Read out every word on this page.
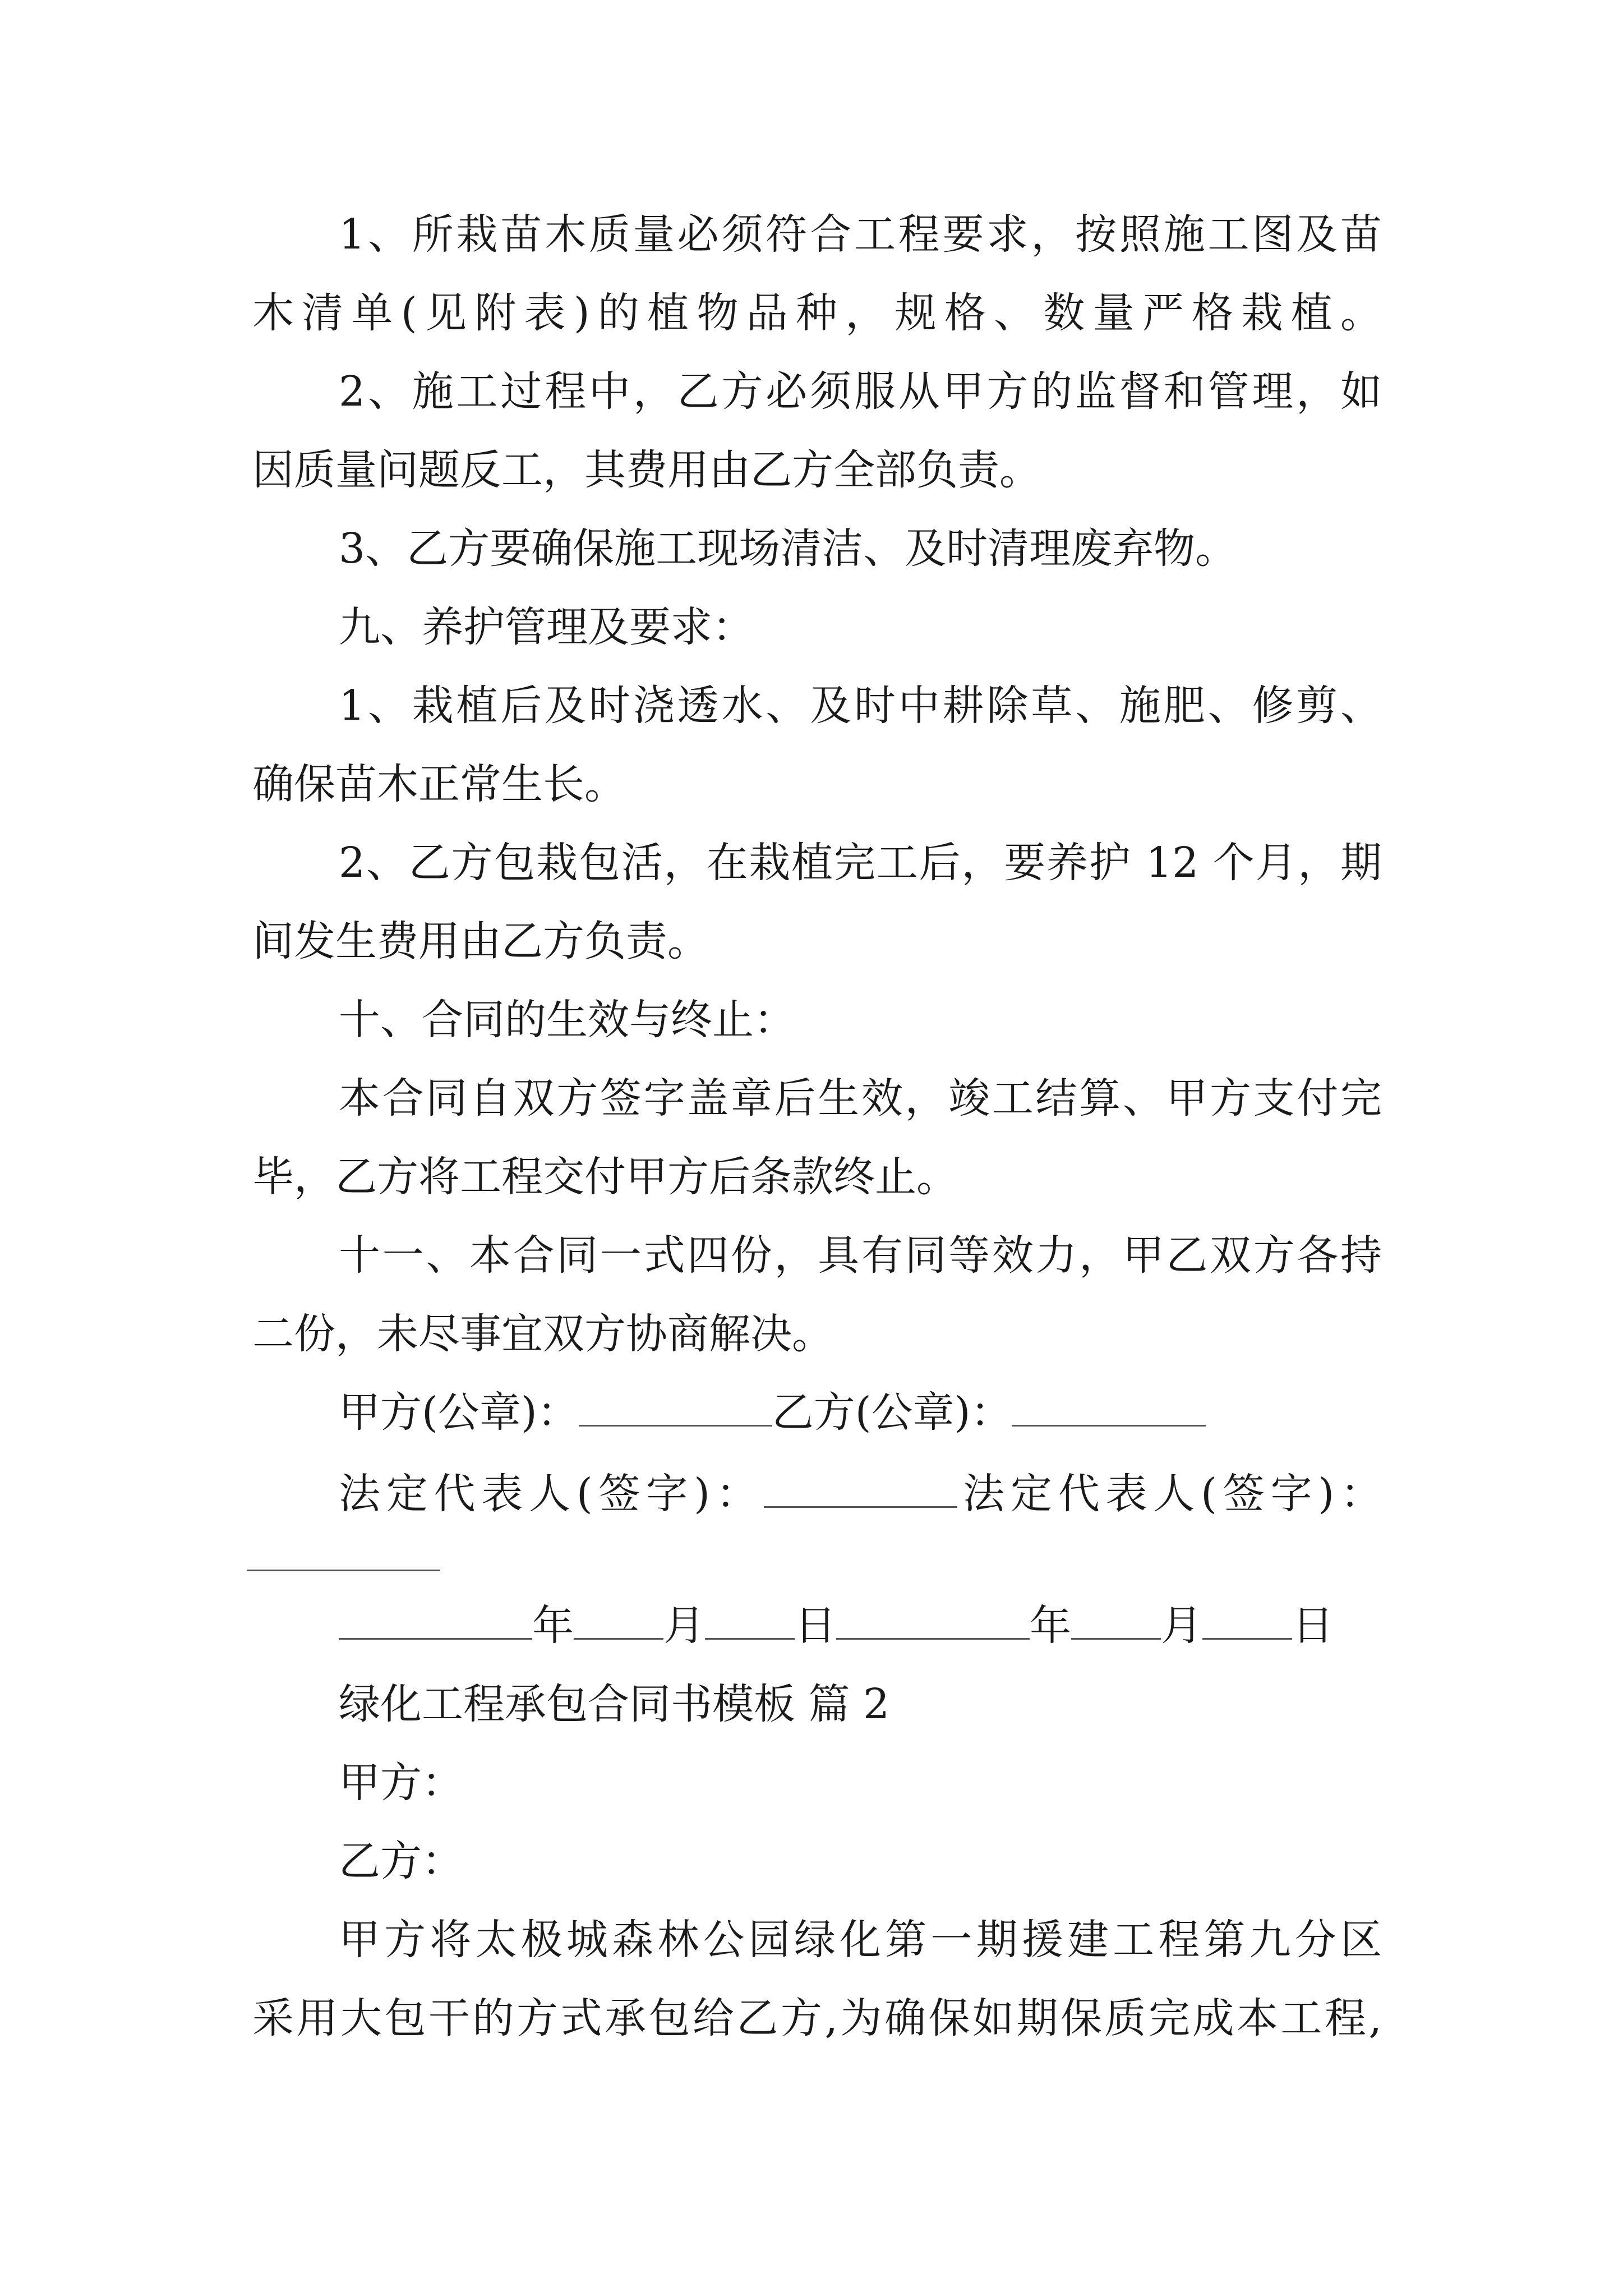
1、所栽苗木质量必须符合工程要求，按照施工图及苗
木清单(见附表)的植物品种，规格、数量严格栽植。
2、施工过程中，乙方必须服从甲方的监督和管理，如
因质量问题反工，其费用由乙方全部负责。
3、乙方要确保施工现场清洁、及时清理废弃物。
九、养护管理及要求：
1、栽植后及时浇透水、及时中耕除草、施肥、修剪、
确保苗木正常生长。
2、乙方包栽包活，在栽植完工后，要养护 12 个月，期
间发生费用由乙方负责。
十、合同的生效与终止：
本合同自双方签字盖章后生效，竣工结算、甲方支付完
毕，乙方将工程交付甲方后条款终止。
十一、本合同一式四份，具有同等效力，甲乙双方各持
二份，未尽事宜双方协商解决。
甲方(公章)：	乙方(公章)：
法定代表人(签字)：	法定代表人(签字)：
年 月 日	年 月 日
绿化工程承包合同书模板 篇 2
甲方：
乙方：
甲方将太极城森林公园绿化第一期援建工程第九分区
采用大包干的方式承包给乙方,为确保如期保质完成本工程,
